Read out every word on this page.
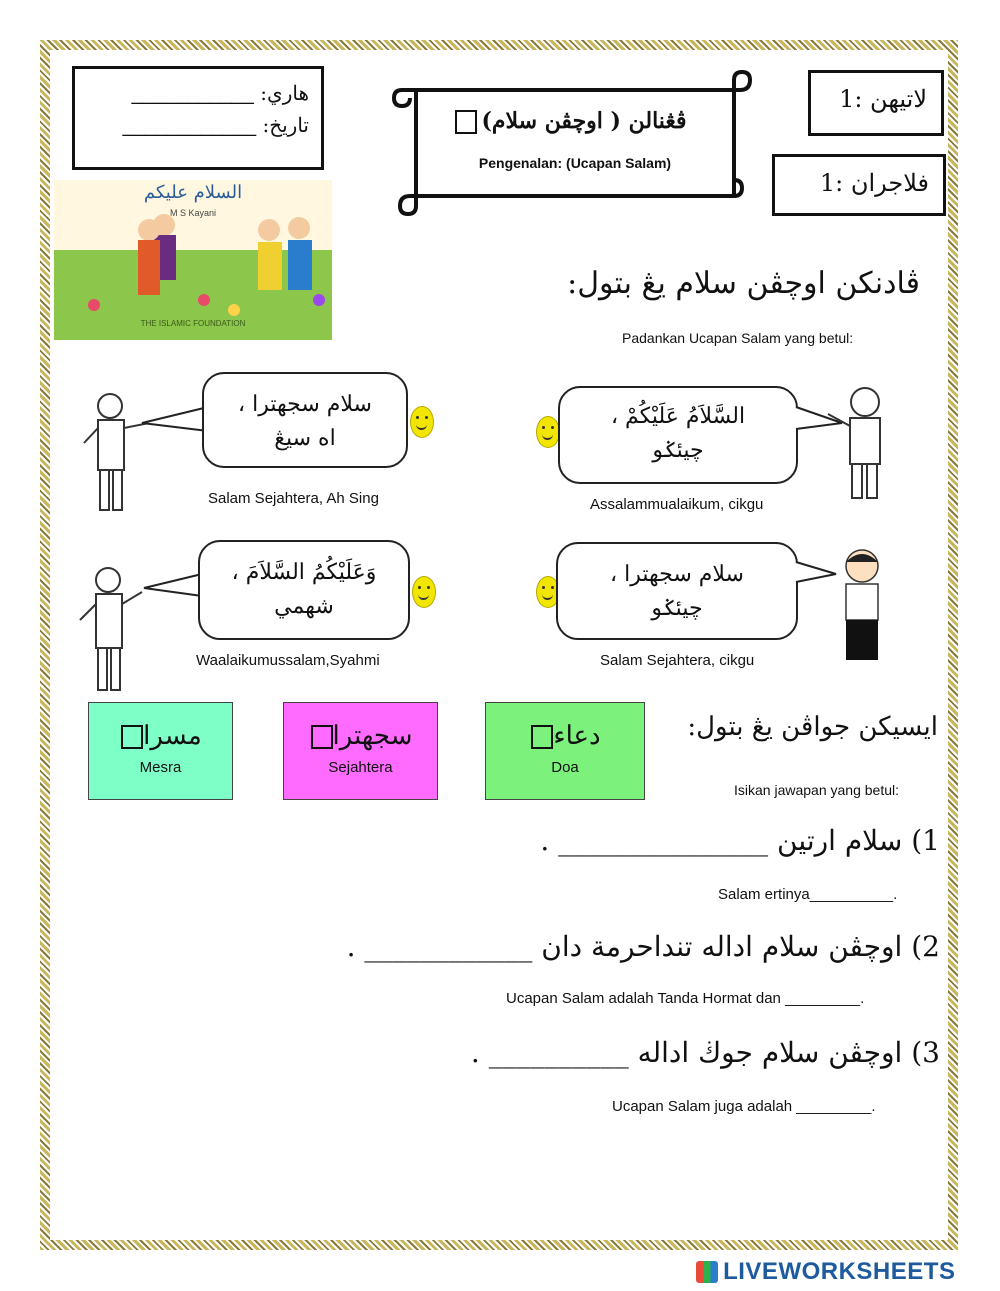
هاري: ___________
تاريخ: ____________	ڤڠنالن ( اوچڤن سلام)
Pengenalan: (Ucapan Salam)
لاتيهن :1
فلاجران :1
السلام عليكم
M S Kayani
THE ISLAMIC FOUNDATION
ڤادنكن اوچڤن سلام يڠ بتول:
Padankan Ucapan Salam yang betul:
سلام سجهترا ،
اه سيڠ
Salam Sejahtera, Ah Sing
السَّلاَمُ عَلَيْكُمْ ،
چيئݢو
Assalammualaikum, cikgu
وَعَلَيْكُمُ السَّلاَمَ ،
شهمي
Waalaikumussalam,Syahmi
سلام سجهترا ،
چيئݢو
Salam Sejahtera, cikgu
مسرا
Mesra
سجهترا
Sejahtera
دعاء
Doa
ايسيكن جواڤن يڠ بتول:
Isikan jawapan yang betul:
1) سلام ارتين _______________ .
Salam ertinya__________.
2) اوچڤن سلام اداله تنداحرمة دان ____________ .
Ucapan Salam adalah Tanda Hormat dan _________.
3) اوچڤن سلام جوڬ اداله __________ .
Ucapan Salam juga adalah _________.
LIVEWORKSHEETS
